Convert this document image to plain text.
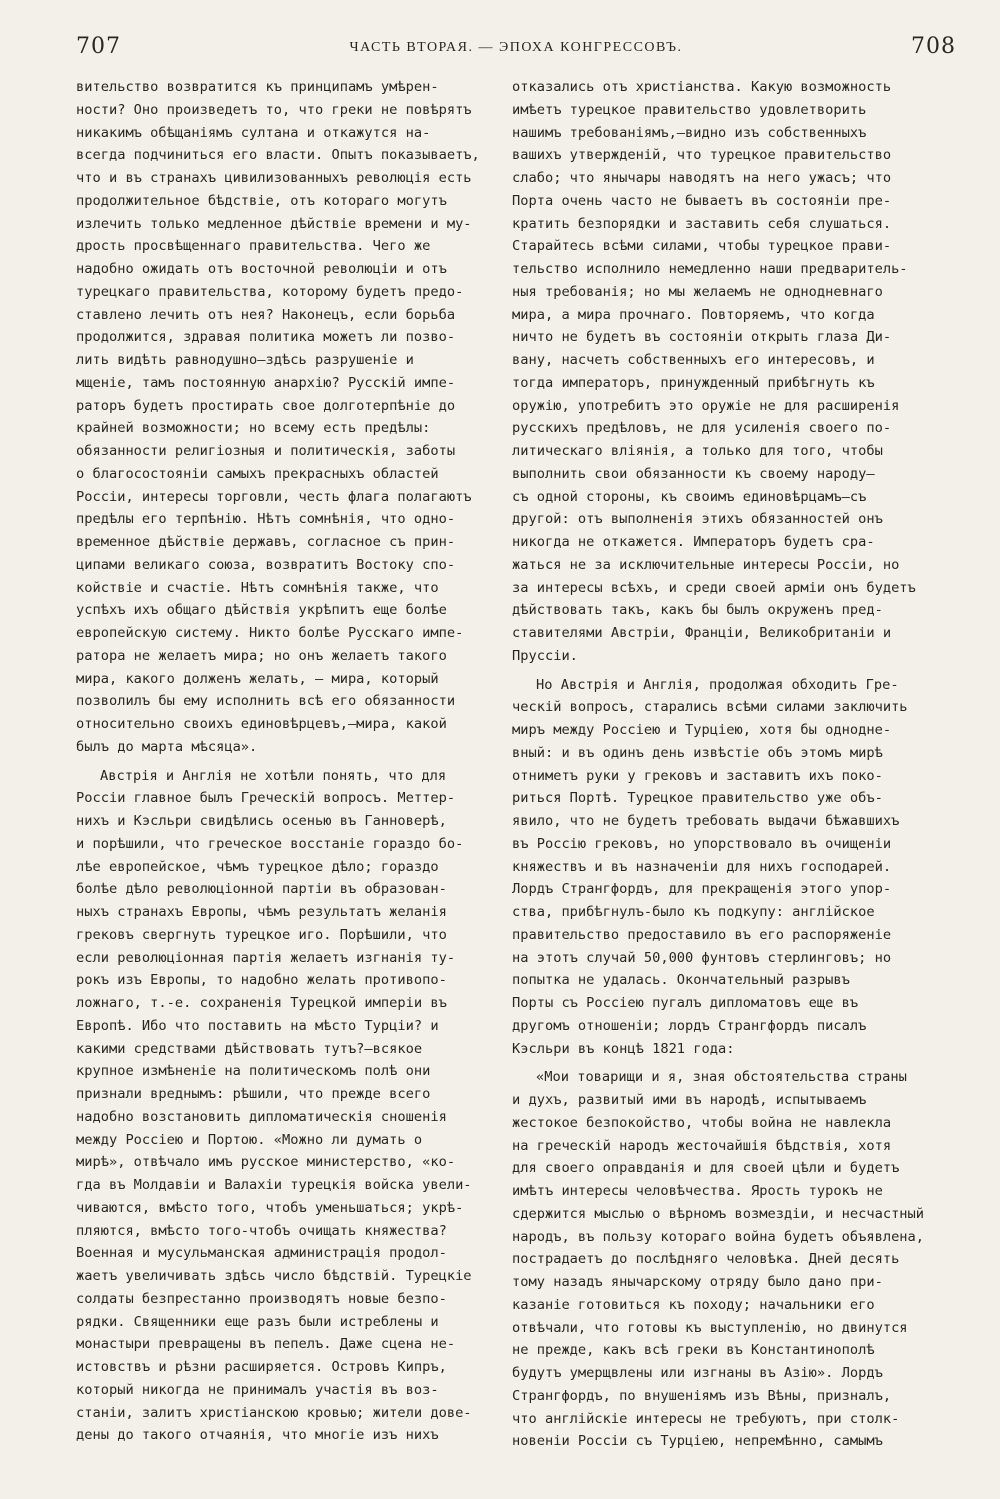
707	ЧАСТЬ ВТОРАЯ. — ЭПОХА КОНГРЕССОВЪ.	708
вительство возвратится къ принципамъ умѣрен-
ности? Оно произведетъ то, что греки не повѣрятъ
никакимъ обѣщаніямъ султана и откажутся на-
всегда подчиниться его власти. Опытъ показываетъ,
что и въ странахъ цивилизованныхъ революція есть
продолжительное бѣдствіе, отъ котораго могутъ
излечить только медленное дѣйствіе времени и му-
дрость просвѣщеннаго правительства. Чего же
надобно ожидать отъ восточной революціи и отъ
турецкаго правительства, которому будетъ предо-
ставлено лечить отъ нея? Наконецъ, если борьба
продолжится, здравая политика можетъ ли позво-
лить видѣть равнодушно—здѣсь разрушеніе и
мщеніе, тамъ постоянную анархію? Русскій импе-
раторъ будетъ простирать свое долготерпѣніе до
крайней возможности; но всему есть предѣлы:
обязанности религіозныя и политическія, заботы
о благосостояніи самыхъ прекрасныхъ областей
Россіи, интересы торговли, честь флага полагаютъ
предѣлы его терпѣнію. Нѣтъ сомнѣнія, что одно-
временное дѣйствіе державъ, согласное съ прин-
ципами великаго союза, возвратитъ Востоку спо-
койствіе и счастіе. Нѣтъ сомнѣнія также, что
успѣхъ ихъ общаго дѣйствія укрѣпитъ еще болѣе
европейскую систему. Никто болѣе Русскаго импе-
ратора не желаетъ мира; но онъ желаетъ такого
мира, какого долженъ желать, — мира, который
позволилъ бы ему исполнить всѣ его обязанности
относительно своихъ единовѣрцевъ,—мира, какой
былъ до марта мѣсяца».
Австрія и Англія не хотѣли понять, что для
Россіи главное былъ Греческій вопросъ. Меттер-
нихъ и Кэсльри свидѣлись осенью въ Ганноверѣ,
и порѣшили, что греческое восстаніе гораздо бо-
лѣе европейское, чѣмъ турецкое дѣло; гораздо
болѣе дѣло революціонной партіи въ образован-
ныхъ странахъ Европы, чѣмъ результатъ желанія
грековъ свергнуть турецкое иго. Порѣшили, что
если революціонная партія желаетъ изгнанія ту-
рокъ изъ Европы, то надобно желать противопо-
ложнаго, т.-е. сохраненія Турецкой имперіи въ
Европѣ. Ибо что поставить на мѣсто Турціи? и
какими средствами дѣйствовать тутъ?—всякое
крупное измѣненіе на политическомъ полѣ они
признали вреднымъ: рѣшили, что прежде всего
надобно возстановить дипломатическія сношенія
между Россіею и Портою. «Можно ли думать о
мирѣ», отвѣчало имъ русское министерство, «ко-
гда въ Молдавіи и Валахіи турецкія войска увели-
чиваются, вмѣсто того, чтобъ уменьшаться; укрѣ-
пляются, вмѣсто того-чтобъ очищать княжества?
Военная и мусульманская администрація продол-
жаетъ увеличивать здѣсь число бѣдствій. Турецкіе
солдаты безпрестанно производятъ новые безпо-
рядки. Священники еще разъ были истреблены и
монастыри превращены въ пепелъ. Даже сцена не-
истовствъ и рѣзни расширяется. Островъ Кипръ,
который никогда не принималъ участія въ воз-
станіи, залитъ христіанскою кровью; жители дове-
дены до такого отчаянія, что многіе изъ нихъ
отказались отъ христіанства. Какую возможность
имѣетъ турецкое правительство удовлетворить
нашимъ требованіямъ,—видно изъ собственныхъ
вашихъ утвержденій, что турецкое правительство
слабо; что янычары наводятъ на него ужасъ; что
Порта очень часто не бываетъ въ состояніи пре-
кратить безпорядки и заставить себя слушаться.
Старайтесь всѣми силами, чтобы турецкое прави-
тельство исполнило немедленно наши предваритель-
ныя требованія; но мы желаемъ не однодневнаго
мира, а мира прочнаго. Повторяемъ, что когда
ничто не будетъ въ состояніи открыть глаза Ди-
вану, насчетъ собственныхъ его интересовъ, и
тогда императоръ, принужденный прибѣгнуть къ
оружію, употребитъ это оружіе не для расширенія
русскихъ предѣловъ, не для усиленія своего по-
литическаго вліянія, а только для того, чтобы
выполнить свои обязанности къ своему народу—
съ одной стороны, къ своимъ единовѣрцамъ—съ
другой: отъ выполненія этихъ обязанностей онъ
никогда не откажется. Императоръ будетъ сра-
жаться не за исключительные интересы Россіи, но
за интересы всѣхъ, и среди своей арміи онъ будетъ
дѣйствовать такъ, какъ бы былъ окруженъ пред-
ставителями Австріи, Франціи, Великобританіи и
Пруссіи.
Но Австрія и Англія, продолжая обходить Гре-
ческій вопросъ, старались всѣми силами заключить
миръ между Россіею и Турціею, хотя бы однодне-
вный: и въ одинъ день извѣстіе объ этомъ мирѣ
отниметъ руки у грековъ и заставитъ ихъ поко-
риться Портѣ. Турецкое правительство уже объ-
явило, что не будетъ требовать выдачи бѣжавшихъ
въ Россію грековъ, но упорствовало въ очищеніи
княжествъ и въ назначеніи для нихъ господарей.
Лордъ Странгфордъ, для прекращенія этого упор-
ства, прибѣгнулъ-было къ подкупу: англійское
правительство предоставило въ его распоряженіе
на этотъ случай 50,000 фунтовъ стерлинговъ; но
попытка не удалась. Окончательный разрывъ
Порты съ Россіею пугалъ дипломатовъ еще въ
другомъ отношеніи; лордъ Странгфордъ писалъ
Кэсльри въ концѣ 1821 года:
«Мои товарищи и я, зная обстоятельства страны
и духъ, развитый ими въ народѣ, испытываемъ
жестокое безпокойство, чтобы война не навлекла
на греческій народъ жесточайшія бѣдствія, хотя
для своего оправданія и для своей цѣли и будетъ
имѣтъ интересы человѣчества. Ярость турокъ не
сдержится мыслью о вѣрномъ возмездіи, и несчастный
народъ, въ пользу котораго война будетъ объявлена,
пострадаетъ до послѣдняго человѣка. Дней десять
тому назадъ янычарскому отряду было дано при-
казаніе готовиться къ походу; начальники его
отвѣчали, что готовы къ выступленію, но двинутся
не прежде, какъ всѣ греки въ Константинополѣ
будутъ умерщвлены или изгнаны въ Азію». Лордъ
Странгфордъ, по внушеніямъ изъ Вѣны, призналъ,
что англійскіе интересы не требуютъ, при столк-
новеніи Россіи съ Турціею, непремѣнно, самымъ
